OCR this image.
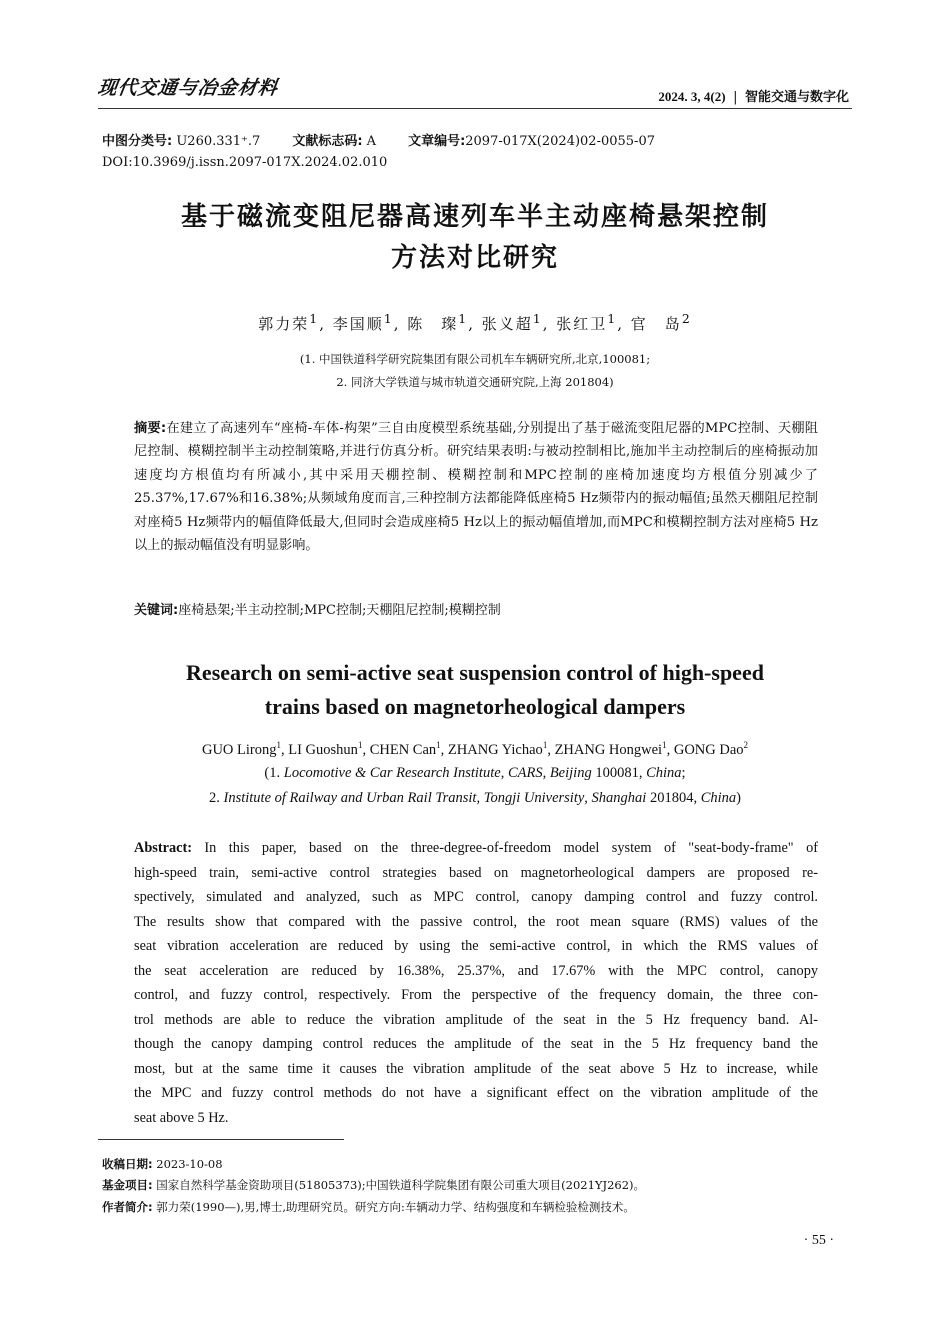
现代交通与冶金材料	2024. 3, 4(2) | 智能交通与数字化
中图分类号: U260.331⁺.7 文献标志码: A 文章编号:2097-017X(2024)02-0055-07
DOI:10.3969/j.issn.2097-017X.2024.02.010
基于磁流变阻尼器高速列车半主动座椅悬架控制
方法对比研究
郭力荣$^1$, 李国顺$^1$, 陈　璨$^1$, 张义超$^1$, 张红卫$^1$, 官　岛$^2$
(1. 中国铁道科学研究院集团有限公司机车车辆研究所,北京,100081;
2. 同济大学铁道与城市轨道交通研究院,上海 201804)
摘要:在建立了高速列车“座椅-车体-构架”三自由度模型系统基础,分别提出了基于磁流变阻尼器的MPC控制、天棚阻尼控制、模糊控制半主动控制策略,并进行仿真分析。研究结果表明:与被动控制相比,施加半主动控制后的座椅振动加速度均方根值均有所减小,其中采用天棚控制、模糊控制和MPC控制的座椅加速度均方根值分别减少了25.37%,17.67%和16.38%;从频域角度而言,三种控制方法都能降低座椅5 Hz频带内的振动幅值;虽然天棚阻尼控制对座椅5 Hz频带内的幅值降低最大,但同时会造成座椅5 Hz以上的振动幅值增加,而MPC和模糊控制方法对座椅5 Hz以上的振动幅值没有明显影响。
关键词:座椅悬架;半主动控制;MPC控制;天棚阻尼控制;模糊控制
Research on semi-active seat suspension control of high-speed
trains based on magnetorheological dampers
GUO Lirong$^1$, LI Guoshun$^1$, CHEN Can$^1$, ZHANG Yichao$^1$, ZHANG Hongwei$^1$, GONG Dao$^2$
(1. Locomotive & Car Research Institute, CARS, Beijing 100081, China;
2. Institute of Railway and Urban Rail Transit, Tongji University, Shanghai 201804, China)
Abstract: In this paper, based on the three-degree-of-freedom model system of "seat-body-frame" of
high-speed train, semi-active control strategies based on magnetorheological dampers are proposed re-
spectively, simulated and analyzed, such as MPC control, canopy damping control and fuzzy control.
The results show that compared with the passive control, the root mean square (RMS) values of the
seat vibration acceleration are reduced by using the semi-active control, in which the RMS values of
the seat acceleration are reduced by 16.38%, 25.37%, and 17.67% with the MPC control, canopy
control, and fuzzy control, respectively. From the perspective of the frequency domain, the three con-
trol methods are able to reduce the vibration amplitude of the seat in the 5 Hz frequency band. Al-
though the canopy damping control reduces the amplitude of the seat in the 5 Hz frequency band the
most, but at the same time it causes the vibration amplitude of the seat above 5 Hz to increase, while
the MPC and fuzzy control methods do not have a significant effect on the vibration amplitude of the
seat above 5 Hz.
收稿日期: 2023-10-08
基金项目: 国家自然科学基金资助项目(51805373);中国铁道科学院集团有限公司重大项目(2021YJ262)。
作者简介: 郭力荣(1990—),男,博士,助理研究员。研究方向:车辆动力学、结构强度和车辆检验检测技术。
· 55 ·
